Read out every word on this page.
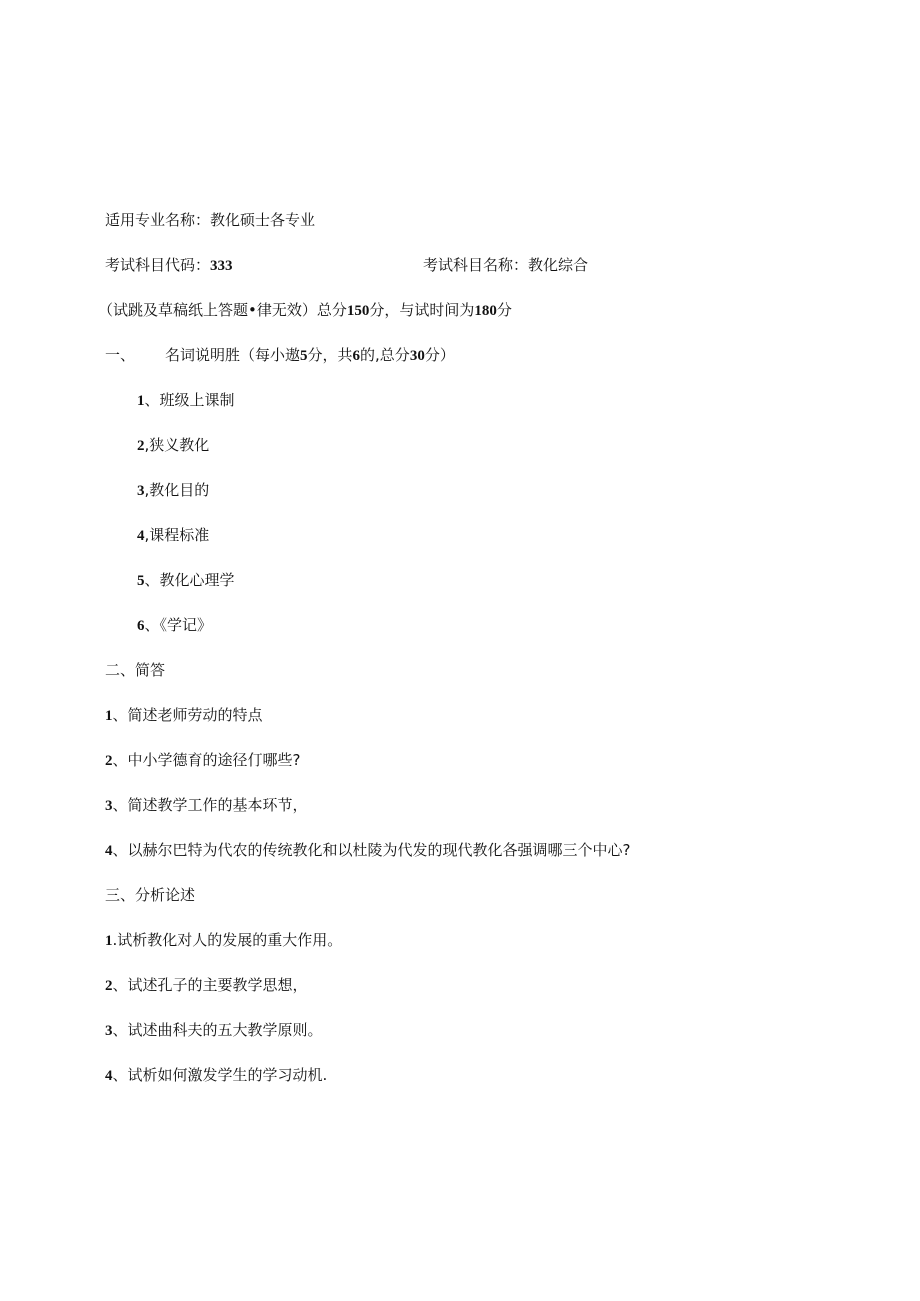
适用专业名称：教化硕士各专业
考试科目代码：333	考试科目名称：教化综合
（试跳及草稿纸上答题•律无效）总分150分，与试时间为180分
一、 名词说明胜（每小遨5分，共6的,总分30分）
1、班级上课制
2,狭义教化
3,教化目的
4,课程标准
5、教化心理学
6、《学记》
二、简答
1、简述老师劳动的特点
2、中小学德育的途径仃哪些?
3、简述教学工作的基本环节，
4、以赫尔巴特为代农的传统教化和以杜陵为代发的现代教化各强调哪三个中心?
三、分析论述
1.试析教化对人的发展的重大作用。
2、试述孔子的主要教学思想，
3、试述曲科夫的五大教学原则。
4、试析如何激发学生的学习动机.
